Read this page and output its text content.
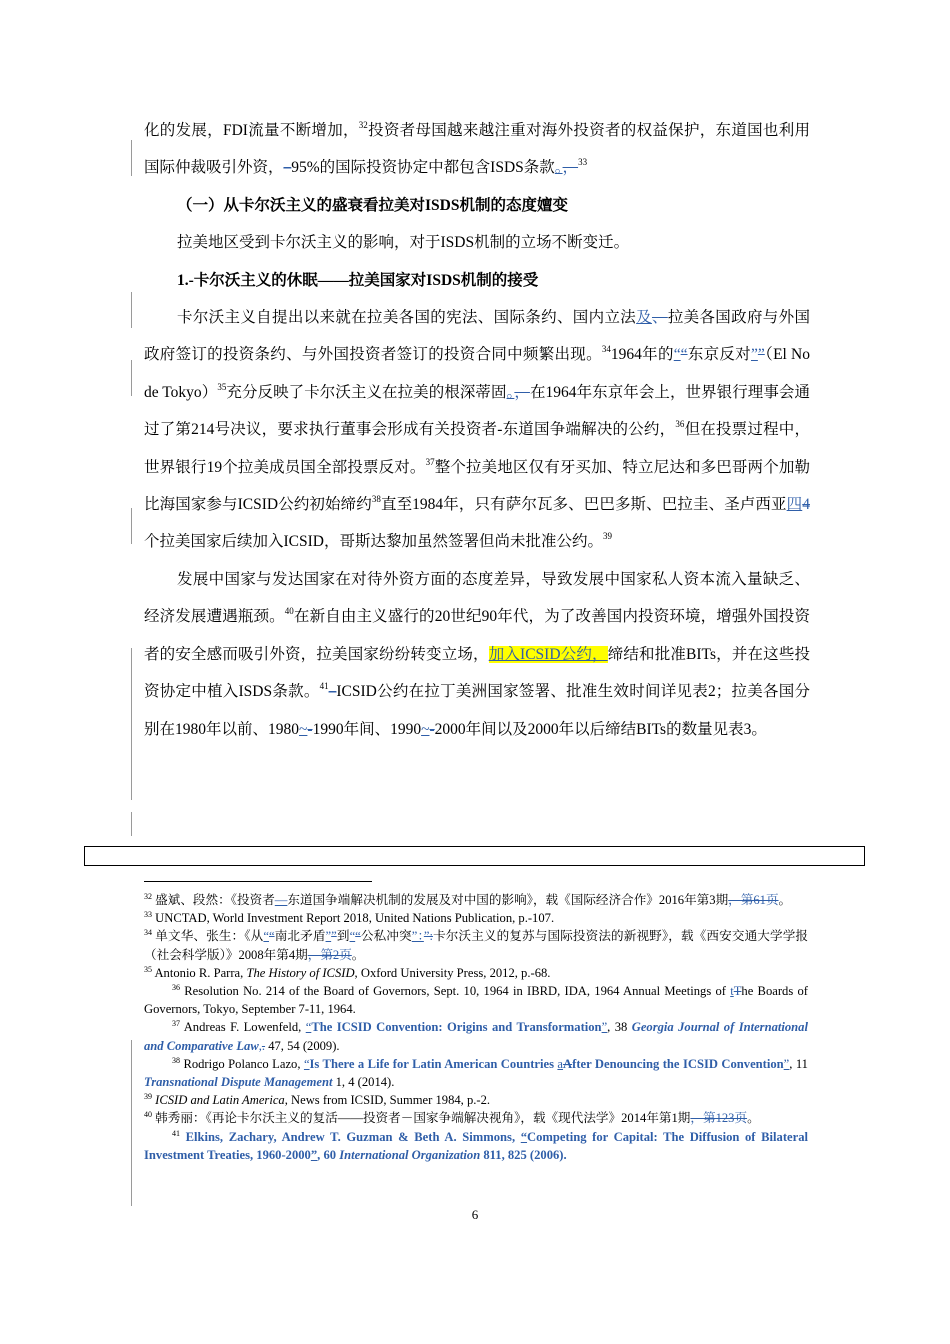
化的发展，FDI流量不断增加，$^{32}$投资者母国越来越注重对海外投资者的权益保护，东道国也利用国际仲裁吸引外资，–95%的国际投资协定中都包含ISDS条款。，$^{33}$

（一）从卡尔沃主义的盛衰看拉美对ISDS机制的态度嬗变

拉美地区受到卡尔沃主义的影响，对于ISDS机制的立场不断变迁。

1.-卡尔沃主义的休眠——拉美国家对ISDS机制的接受

卡尔沃主义自提出以来就在拉美各国的宪法、国际条约、国内立法及、拉美各国政府与外国政府签订的投资条约、与外国投资者签订的投资合同中频繁出现。$^{34}$1964年的““东京反对””（El No de Tokyo）$^{35}$充分反映了卡尔沃主义在拉美的根深蒂固。，在1964年东京年会上，世界银行理事会通过了第214号决议，要求执行董事会形成有关投资者-东道国争端解决的公约，$^{36}$但在投票过程中，世界银行19个拉美成员国全部投票反对。$^{37}$整个拉美地区仅有牙买加、特立尼达和多巴哥两个加勒比海国家参与ICSID公约初始缔约$^{38}$直至1984年，只有萨尔瓦多、巴巴多斯、巴拉圭、圣卢西亚四4个拉美国家后续加入ICSID，哥斯达黎加虽然签署但尚未批准公约。$^{39}$

发展中国家与发达国家在对待外资方面的态度差异，导致发展中国家私人资本流入量缺乏、经济发展遭遇瓶颈。$^{40}$在新自由主义盛行的20世纪90年代，为了改善国内投资环境，增强外国投资者的安全感而吸引外资，拉美国家纷纷转变立场，加入ICSID公约，缔结和批准BITs，并在这些投资协定中植入ISDS条款。$^{41}$–ICSID公约在拉丁美洲国家签署、批准生效时间详见表2；拉美各国分别在1980年以前、1980~-1990年间、1990~-2000年间以及2000年以后缔结BITs的数量见表3。

$^{32}$ 盛斌、段然：《投资者—东道国争端解决机制的发展及对中国的影响》，载《国际经济合作》2016年第3期，第61页。

$^{33}$ UNCTAD, World Investment Report 2018, United Nations Publication, p.-107.

$^{34}$ 单文华、张生：《从““南北矛盾””到““公私冲突”：”:卡尔沃主义的复苏与国际投资法的新视野》，载《西安交通大学学报（社会科学版）》2008年第4期，第2页。

$^{35}$ Antonio R. Parra, The History of ICSID, Oxford University Press, 2012, p.-68.

$^{36}$ Resolution No. 214 of the Board of Governors, Sept. 10, 1964 in IBRD, IDA, 1964 Annual Meetings of tThe Boards of Governors, Tokyo, September 7-11, 1964.

$^{37}$ Andreas F. Lowenfeld, “The ICSID Convention: Origins and Transformation”, 38 Georgia Journal of International and Comparative Law,. 47, 54 (2009).

$^{38}$ Rodrigo Polanco Lazo, “Is There a Life for Latin American Countries aAfter Denouncing the ICSID Convention”, 11 Transnational Dispute Management 1, 4 (2014).

$^{39}$ ICSID and Latin America, News from ICSID, Summer 1984, p.-2.

$^{40}$ 韩秀丽：《再论卡尔沃主义的复活——投资者－国家争端解决视角》，载《现代法学》2014年第1期，第123页。

$^{41}$ Elkins, Zachary, Andrew T. Guzman & Beth A. Simmons, “Competing for Capital: The Diffusion of Bilateral Investment Treaties, 1960-2000”, 60 International Organization 811, 825 (2006).

6
